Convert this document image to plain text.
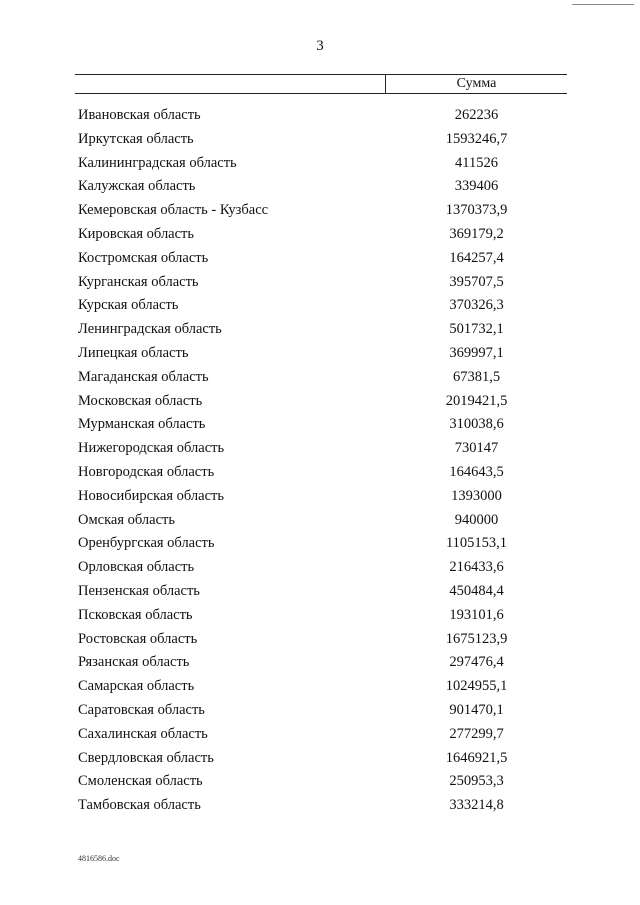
3
Сумма
Ивановская область	262236
Иркутская область	1593246,7
Калининградская область	411526
Калужская область	339406
Кемеровская область - Кузбасс	1370373,9
Кировская область	369179,2
Костромская область	164257,4
Курганская область	395707,5
Курская область	370326,3
Ленинградская область	501732,1
Липецкая область	369997,1
Магаданская область	67381,5
Московская область	2019421,5
Мурманская область	310038,6
Нижегородская область	730147
Новгородская область	164643,5
Новосибирская область	1393000
Омская область	940000
Оренбургская область	1105153,1
Орловская область	216433,6
Пензенская область	450484,4
Псковская область	193101,6
Ростовская область	1675123,9
Рязанская область	297476,4
Самарская область	1024955,1
Саратовская область	901470,1
Сахалинская область	277299,7
Свердловская область	1646921,5
Смоленская область	250953,3
Тамбовская область	333214,8
4816586.doc
